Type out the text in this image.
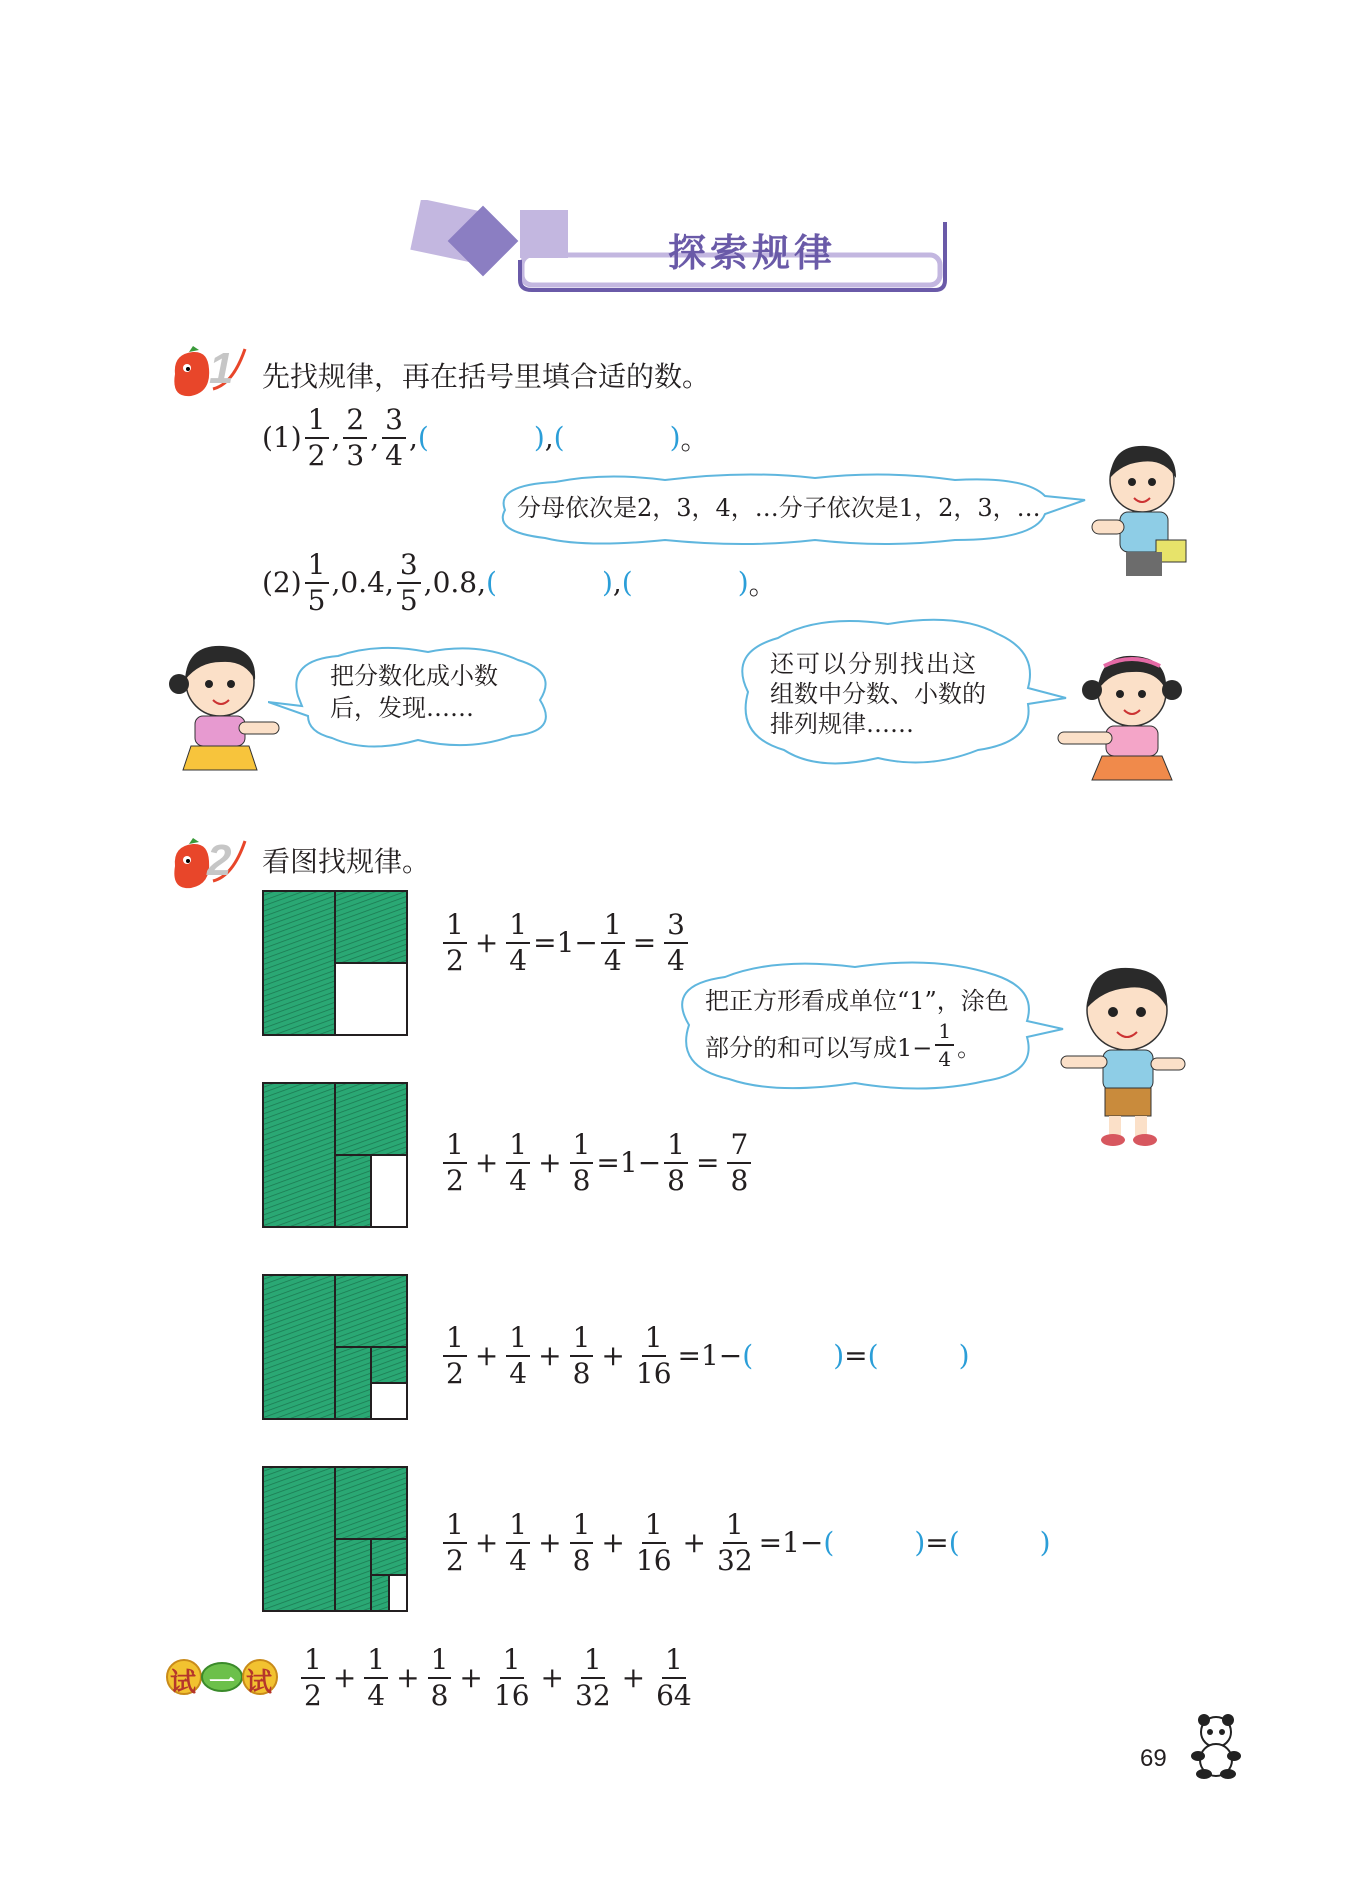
探索规律
1 先找规律，再在括号里填合适的数。
$(1) \frac{1}{2}$ , $\frac{2}{3}$ , $\frac{3}{4}$ , (	) , (	) 。
分母依次是2，3，4，…分子依次是1，2，3，…
$(2) \frac{1}{5}$ , 0.4 , $\frac{3}{5}$ , 0.8 , (	) , (	) 。
把分数化成小数
后，发现……
还可以分别找出这
组数中分数、小数的
排列规律……
2 看图找规律。
$\frac{1}{2} + \frac{1}{4} =1- \frac{1}{4} = \frac{3}{4}$
把正方形看成单位“1”，涂色
部分的和可以写成$1- \frac{1}{4}$ 。
$\frac{1}{2} + \frac{1}{4} + \frac{1}{8} =1- \frac{1}{8} = \frac{7}{8}$
$\frac{1}{2} + \frac{1}{4} + \frac{1}{8} + \frac{1}{16} =1-$ (	) = (	)
$\frac{1}{2} + \frac{1}{4} + \frac{1}{8} + \frac{1}{16} + \frac{1}{32} =1-$ (	) = (	)
试 一 试 $\frac{1}{2} + \frac{1}{4} + \frac{1}{8} + \frac{1}{16} + \frac{1}{32} + \frac{1}{64}$
69
